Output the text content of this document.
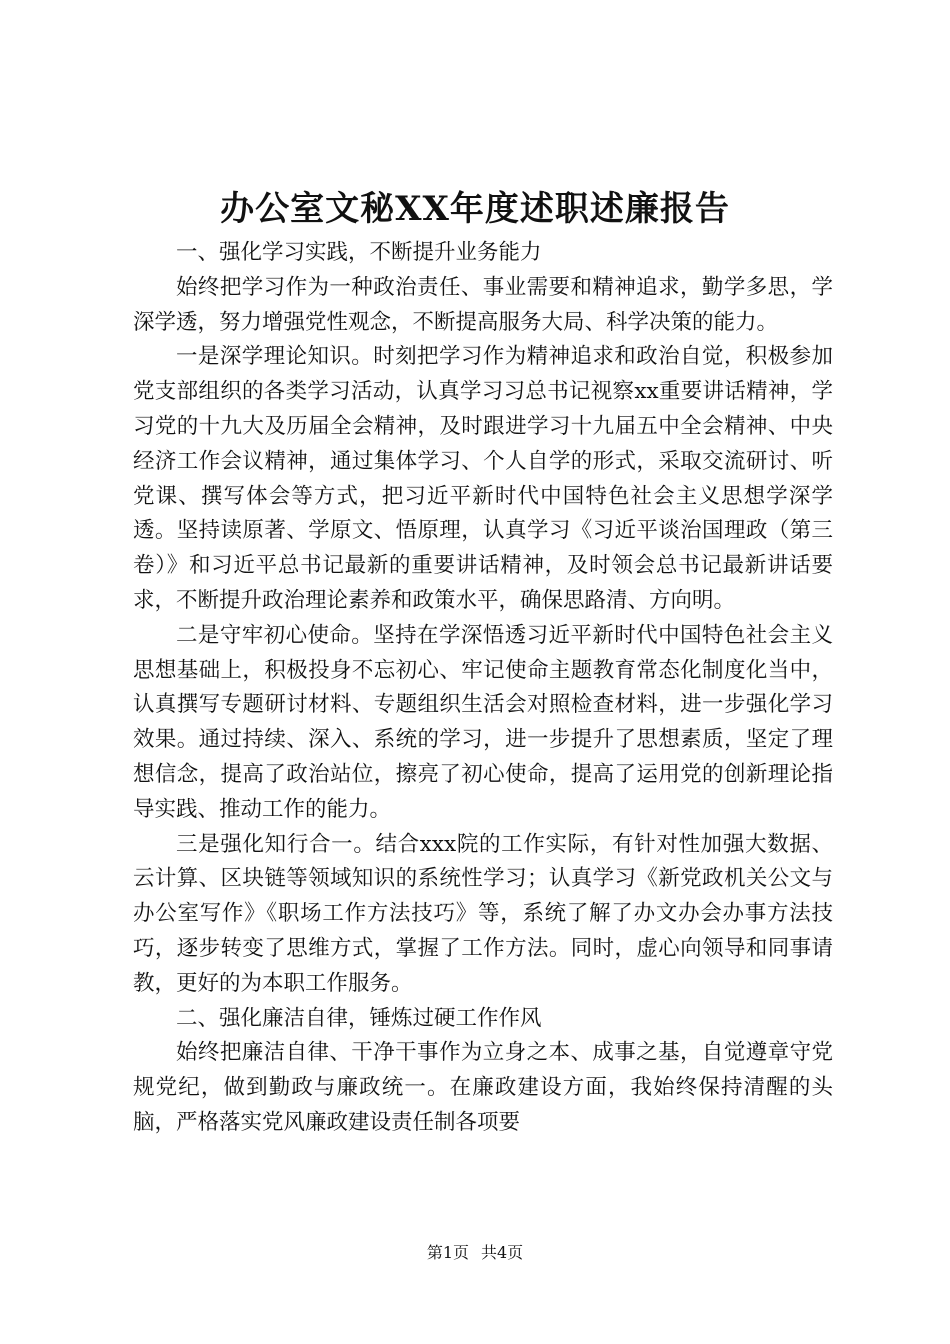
办公室文秘XX年度述职述廉报告

一、强化学习实践，不断提升业务能力

始终把学习作为一种政治责任、事业需要和精神追求，勤学多思，学深学透，努力增强党性观念，不断提高服务大局、科学决策的能力。

一是深学理论知识。时刻把学习作为精神追求和政治自觉，积极参加党支部组织的各类学习活动，认真学习习总书记视察xx重要讲话精神，学习党的十九大及历届全会精神，及时跟进学习十九届五中全会精神、中央经济工作会议精神，通过集体学习、个人自学的形式，采取交流研讨、听党课、撰写体会等方式，把习近平新时代中国特色社会主义思想学深学透。坚持读原著、学原文、悟原理，认真学习《习近平谈治国理政（第三卷）》和习近平总书记最新的重要讲话精神，及时领会总书记最新讲话要求，不断提升政治理论素养和政策水平，确保思路清、方向明。

二是守牢初心使命。坚持在学深悟透习近平新时代中国特色社会主义思想基础上，积极投身不忘初心、牢记使命主题教育常态化制度化当中，认真撰写专题研讨材料、专题组织生活会对照检查材料，进一步强化学习效果。通过持续、深入、系统的学习，进一步提升了思想素质，坚定了理想信念，提高了政治站位，擦亮了初心使命，提高了运用党的创新理论指导实践、推动工作的能力。

三是强化知行合一。结合xxx院的工作实际，有针对性加强大数据、云计算、区块链等领域知识的系统性学习；认真学习《新党政机关公文与办公室写作》《职场工作方法技巧》等，系统了解了办文办会办事方法技巧，逐步转变了思维方式，掌握了工作方法。同时，虚心向领导和同事请教，更好的为本职工作服务。

二、强化廉洁自律，锤炼过硬工作作风

始终把廉洁自律、干净干事作为立身之本、成事之基，自觉遵章守党规党纪，做到勤政与廉政统一。在廉政建设方面，我始终保持清醒的头脑，严格落实党风廉政建设责任制各项要

第1页 共4页
